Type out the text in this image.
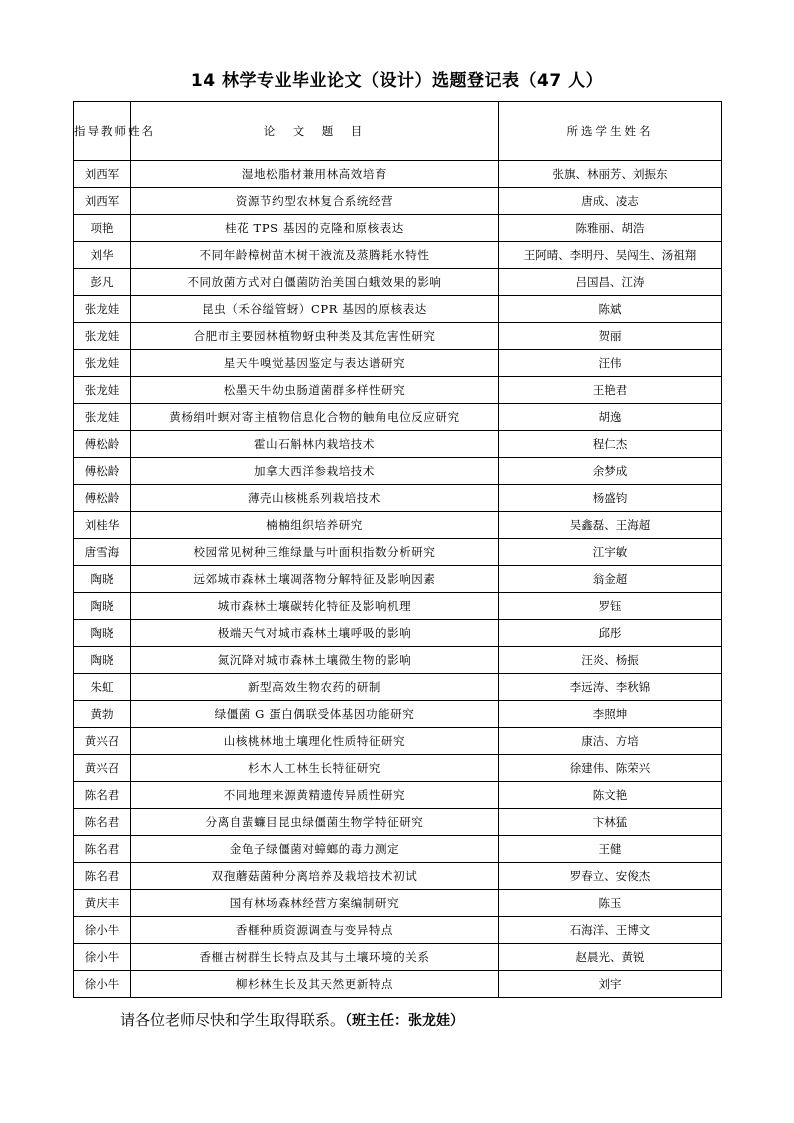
14 林学专业毕业论文（设计）选题登记表（47 人）
指导教师姓名	论　文　题　目	所选学生姓名
刘西军	湿地松脂材兼用林高效培育	张旗、林丽芳、刘振东
刘西军	资源节约型农林复合系统经营	唐成、凌志
项艳	桂花 TPS 基因的克隆和原核表达	陈雅丽、胡浩
刘华	不同年龄樟树苗木树干液流及蒸腾耗水特性	王阿晴、李明丹、吴闯生、汤祖翔
彭凡	不同放菌方式对白僵菌防治美国白蛾效果的影响	吕国昌、江涛
张龙娃	昆虫（禾谷缢管蚜）CPR 基因的原核表达	陈斌
张龙娃	合肥市主要园林植物蚜虫种类及其危害性研究	贺丽
张龙娃	星天牛嗅觉基因鉴定与表达谱研究	汪伟
张龙娃	松墨天牛幼虫肠道菌群多样性研究	王艳君
张龙娃	黄杨绢叶螟对寄主植物信息化合物的触角电位反应研究	胡逸
傅松龄	霍山石斛林内栽培技术	程仁杰
傅松龄	加拿大西洋参栽培技术	余梦成
傅松龄	薄壳山核桃系列栽培技术	杨盛钧
刘桂华	楠楠组织培养研究	吴鑫磊、王海超
唐雪海	校园常见树种三维绿量与叶面积指数分析研究	江宇敏
陶晓	远郊城市森林土壤凋落物分解特征及影响因素	翁金超
陶晓	城市森林土壤碳转化特征及影响机理	罗钰
陶晓	极端天气对城市森林土壤呼吸的影响	邱彤
陶晓	氮沉降对城市森林土壤微生物的影响	汪炎、杨振
朱虹	新型高效生物农药的研制	李远涛、李秋锦
黄勃	绿僵菌 G 蛋白偶联受体基因功能研究	李照坤
黄兴召	山核桃林地土壤理化性质特征研究	康洁、方培
黄兴召	杉木人工林生长特征研究	徐建伟、陈荣兴
陈名君	不同地理来源黄精遗传异质性研究	陈文艳
陈名君	分离自蜚蠊目昆虫绿僵菌生物学特征研究	卞林猛
陈名君	金龟子绿僵菌对蟑螂的毒力测定	王健
陈名君	双孢蘑菇菌种分离培养及栽培技术初试	罗春立、安俊杰
黄庆丰	国有林场森林经营方案编制研究	陈玉
徐小牛	香榧种质资源调查与变异特点	石海洋、王博文
徐小牛	香榧古树群生长特点及其与土壤环境的关系	赵晨光、黄锐
徐小牛	柳杉林生长及其天然更新特点	刘宇
请各位老师尽快和学生取得联系。（班主任：张龙娃）
